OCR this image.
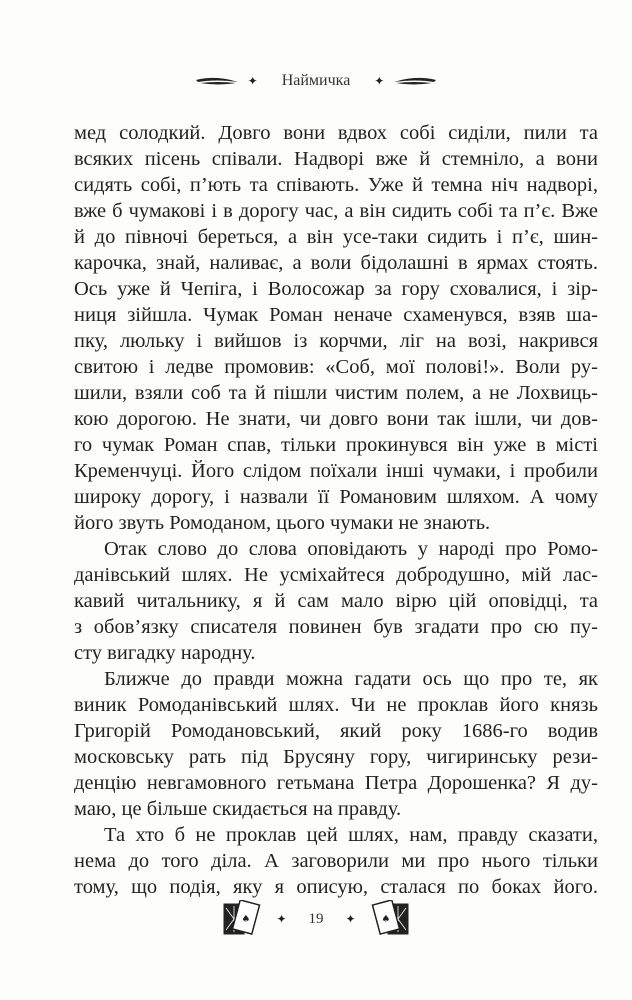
✦ Наймичка ✦
мед солодкий. Довго вони вдвох собі сиділи, пили та
всяких пісень співали. Надворі вже й стемніло, а вони
сидять собі, п’ють та співають. Уже й темна ніч надворі,
вже б чумакові і в дорогу час, а він сидить собі та п’є. Вже
й до півночі береться, а він усе-таки сидить і п’є, шин-
карочка, знай, наливає, а воли бідолашні в ярмах стоять.
Ось уже й Чепіга, і Волосожар за гору сховалися, і зір-
ниця зійшла. Чумак Роман неначе схаменувся, взяв ша-
пку, люльку і вийшов із корчми, ліг на возі, накрився
свитою і ледве промовив: «Соб, мої полові!». Воли ру-
шили, взяли соб та й пішли чистим полем, а не Лохвиць-
кою дорогою. Не знати, чи довго вони так ішли, чи дов-
го чумак Роман спав, тільки прокинувся він уже в місті
Кременчуці. Його слідом поїхали інші чумаки, і пробили
широку дорогу, і назвали її Романовим шляхом. А чому
його звуть Ромоданом, цього чумаки не знають.
Отак слово до слова оповідають у народі про Ромо-
данівський шлях. Не усміхайтеся добродушно, мій лас-
кавий читальнику, я й сам мало вірю цій оповідці, та
з обов’язку списателя повинен був згадати про сю пу-
сту вигадку народну.
Ближче до правди можна гадати ось що про те, як
виник Ромоданівський шлях. Чи не проклав його князь
Григорій Ромодановський, який року 1686-го водив
московську рать під Брусяну гору, чигиринську рези-
денцію невгамовного гетьмана Петра Дорошенка? Я ду-
маю, це більше скидається на правду.
Та хто б не проклав цей шлях, нам, правду сказати,
нема до того діла. А заговорили ми про нього тільки
тому, що подія, яку я описую, сталася по боках його.
♠ ✦ 19 ✦	♠
